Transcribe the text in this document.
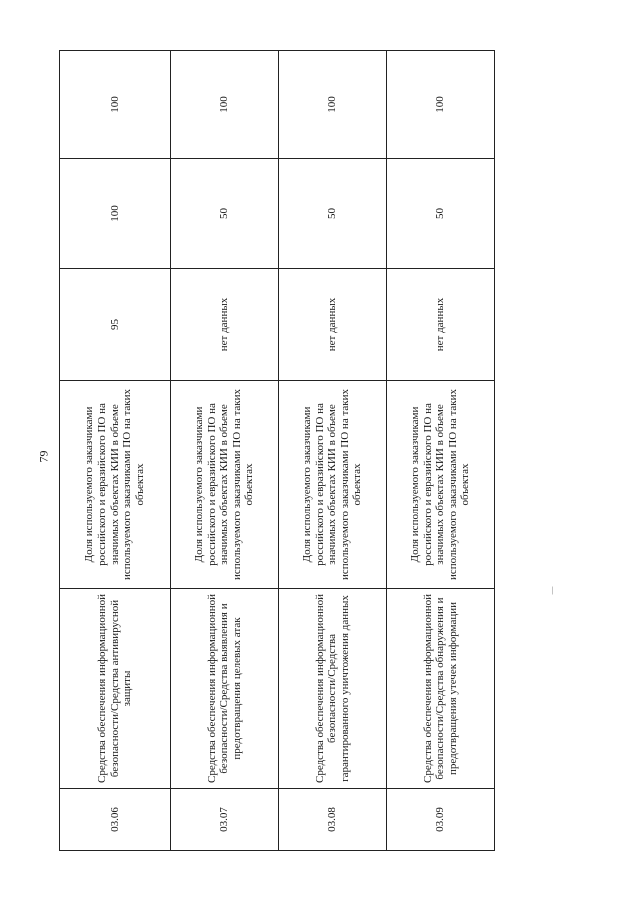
79
—
03.06	Средства обеспечения информационной безопасности/Средства антивирусной защиты	Доля используемого заказчиками российского и евразийского ПО на значимых объектах КИИ в объеме используемого заказчиками ПО на таких объектах	95	100	100
03.07	Средства обеспечения информационной безопасности/Средства выявления и предотвращения целевых атак	Доля используемого заказчиками российского и евразийского ПО на значимых объектах КИИ в объеме используемого заказчиками ПО на таких объектах	нет данных	50	100
03.08	Средства обеспечения информационной безопасности/Средства гарантированного уничтожения данных	Доля используемого заказчиками российского и евразийского ПО на значимых объектах КИИ в объеме используемого заказчиками ПО на таких объектах	нет данных	50	100
03.09	Средства обеспечения информационной безопасности/Средства обнаружения и предотвращения утечек информации	Доля используемого заказчиками российского и евразийского ПО на значимых объектах КИИ в объеме используемого заказчиками ПО на таких объектах	нет данных	50	100
